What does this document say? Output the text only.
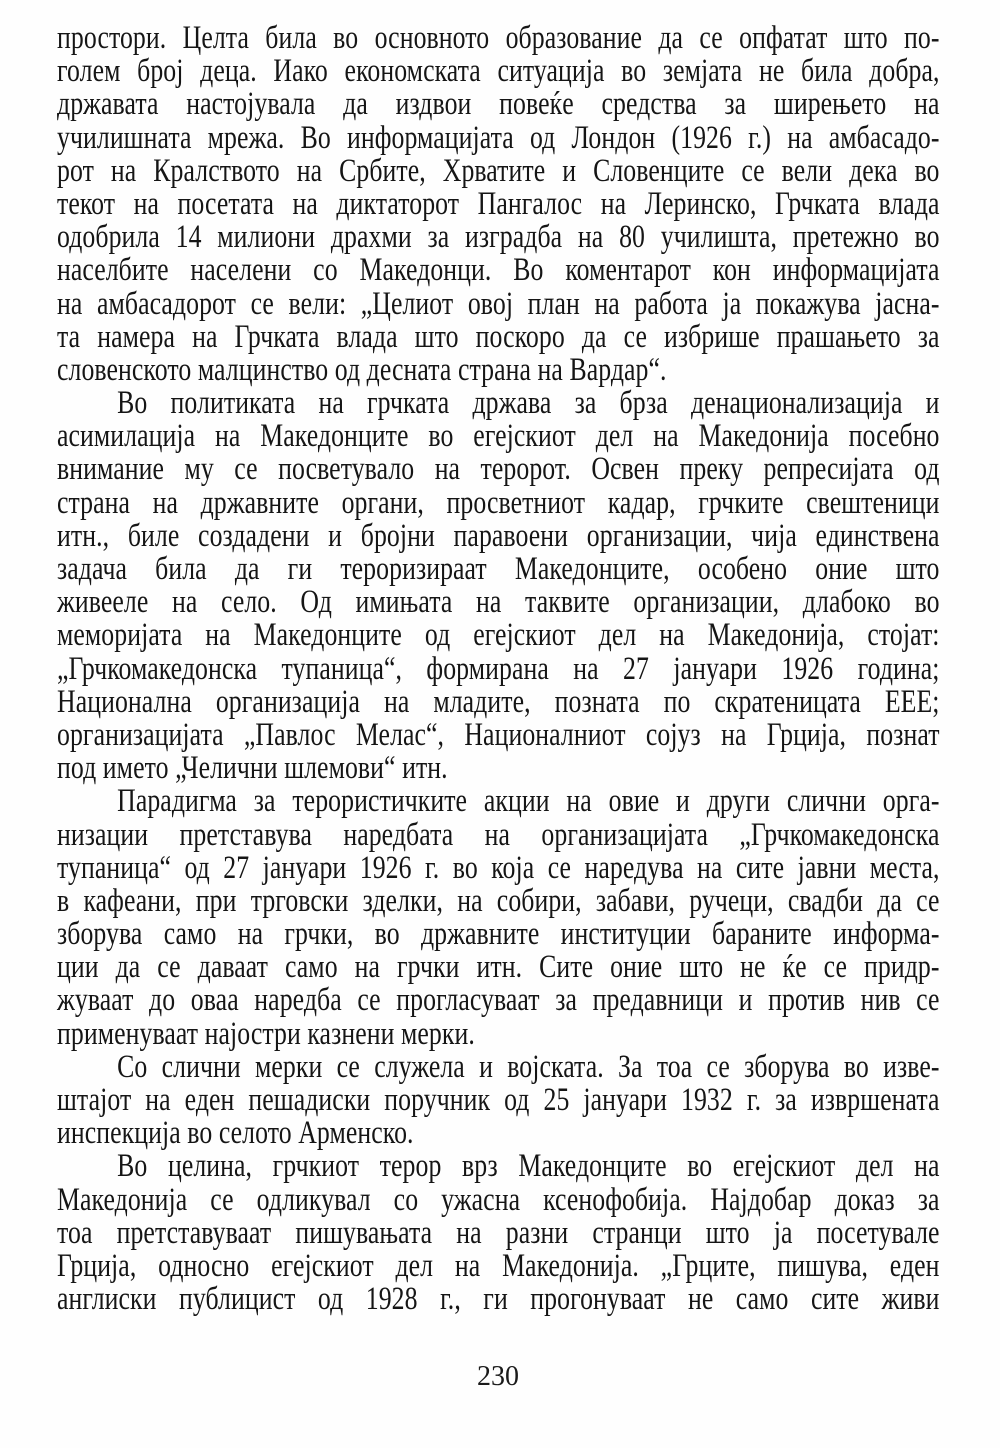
простори. Целта била во основното образование да се опфатат што по-
голем број деца. Иако економската ситуација во земјата не била добра,
државата настојувала да издвои повеќе средства за ширењето на
училишната мрежа. Во информацијата од Лондон (1926 г.) на амбасадо-
рот на Кралството на Србите, Хрватите и Словенците се вели дека во
текот на посетата на диктаторот Пангалос на Леринско, Грчката влада
одобрила 14 милиони драхми за изградба на 80 училишта, претежно во
населбите населени со Македонци. Во коментарот кон информацијата
на амбасадорот се вели: „Целиот овој план на работа ја покажува јасна-
та намера на Грчката влада што поскоро да се избрише прашањето за
словенското малцинство од десната страна на Вардар“.
Во политиката на грчката држава за брза денационализација и
асимилација на Македонците во егејскиот дел на Македонија посебно
внимание му се посветувало на теророт. Освен преку репресијата од
страна на државните органи, просветниот кадар, грчките свештеници
итн., биле создадени и бројни паравоени организации, чија единствена
задача била да ги тероризираат Македонците, особено оние што
живееле на село. Од имињата на таквите организации, длабоко во
меморијата на Македонците од егејскиот дел на Македонија, стојат:
„Грчкомакедонска тупаница“, формирана на 27 јануари 1926 година;
Национална организација на младите, позната по скратеницата ЕЕЕ;
организацијата „Павлос Мелас“, Националниот сојуз на Грција, познат
под името „Челични шлемови“ итн.
Парадигма за терористичките акции на овие и други слични орга-
низации претставува наредбата на организацијата „Грчкомакедонска
тупаница“ од 27 јануари 1926 г. во која се наредува на сите јавни места,
в кафеани, при трговски зделки, на собири, забави, ручеци, свадби да се
зборува само на грчки, во државните институции бараните информа-
ции да се даваат само на грчки итн. Сите оние што не ќе се придр-
жуваат до оваа наредба се прогласуваат за предавници и против нив се
применуваат најостри казнени мерки.
Со слични мерки се служела и војската. За тоа се зборува во изве-
штајот на еден пешадиски поручник од 25 јануари 1932 г. за извршената
инспекција во селото Арменско.
Во целина, грчкиот терор врз Македонците во егејскиот дел на
Македонија се одликувал со ужасна ксенофобија. Најдобар доказ за
тоа претставуваат пишувањата на разни странци што ја посетувале
Грција, односно егејскиот дел на Македонија. „Грците, пишува, еден
англиски публицист од 1928 г., ги прогонуваат не само сите живи
230
